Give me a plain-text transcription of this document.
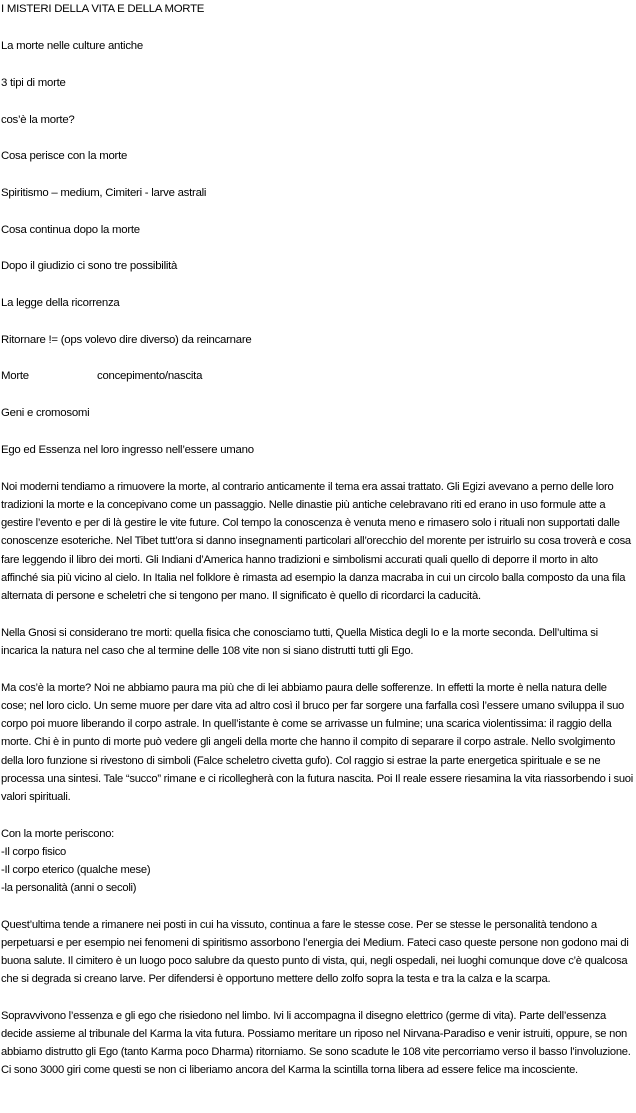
I MISTERI DELLA VITA E DELLA MORTE
La morte nelle culture antiche
3 tipi di morte
cos’è la morte?
Cosa perisce con la morte
Spiritismo – medium, Cimiteri - larve astrali
Cosa continua dopo la morte
Dopo il giudizio ci sono tre possibilità
La legge della ricorrenza
Ritornare != (ops volevo dire diverso) da reincarnare
Morte	concepimento/nascita
Geni e cromosomi
Ego ed Essenza nel loro ingresso nell’essere umano
Noi moderni tendiamo a rimuovere la morte, al contrario anticamente il tema era assai trattato. Gli Egizi avevano a perno delle loro tradizioni la morte e la concepivano come un passaggio. Nelle dinastie più antiche celebravano riti ed erano in uso formule atte a gestire l’evento e per di là gestire le vite future. Col tempo la conoscenza è venuta meno e rimasero solo i rituali non supportati dalle conoscenze esoteriche. Nel Tibet tutt’ora si danno insegnamenti particolari all’orecchio del morente per istruirlo su cosa troverà e cosa fare leggendo il libro dei morti. Gli Indiani d’America hanno tradizioni e simbolismi accurati quali quello di deporre il morto in alto affinché sia più vicino al cielo. In Italia nel folklore è rimasta ad esempio la danza macraba in cui un circolo balla composto da una fila alternata di persone e scheletri che si tengono per mano. Il significato è quello di ricordarci la caducità.
Nella Gnosi si considerano tre morti: quella fisica che conosciamo tutti, Quella Mistica degli Io e la morte seconda. Dell’ultima si incarica la natura nel caso che al termine delle 108 vite non si siano distrutti tutti gli Ego.
Ma cos’è la morte? Noi ne abbiamo paura ma più che di lei abbiamo paura delle sofferenze. In effetti la morte è nella natura delle cose; nel loro ciclo. Un seme muore per dare vita ad altro così il bruco per far sorgere una farfalla così l’essere umano sviluppa il suo corpo poi muore liberando il corpo astrale. In quell’istante è come se arrivasse un fulmine; una scarica violentissima: il raggio della morte. Chi è in punto di morte può vedere gli angeli della morte che hanno il compito di separare il corpo astrale. Nello svolgimento della loro funzione si rivestono di simboli (Falce scheletro civetta gufo). Col raggio si estrae la parte energetica spirituale e se ne processa una sintesi. Tale “succo” rimane e ci ricollegherà con la futura nascita. Poi Il reale essere riesamina la vita riassorbendo i suoi valori spirituali.
Con la morte periscono:
-Il corpo fisico
-Il corpo eterico (qualche mese)
-la personalità (anni o secoli)
Quest’ultima tende a rimanere nei posti in cui ha vissuto, continua a fare le stesse cose. Per se stesse le personalità tendono a perpetuarsi e per esempio nei fenomeni di spiritismo assorbono l’energia dei Medium. Fateci caso queste persone non godono mai di buona salute. Il cimitero è un luogo poco salubre da questo punto di vista, qui, negli ospedali, nei luoghi comunque dove c’è qualcosa che si degrada si creano larve. Per difendersi è opportuno mettere dello zolfo sopra la testa e tra la calza e la scarpa.
Sopravvivono l’essenza e gli ego che risiedono nel limbo. Ivi li accompagna il disegno elettrico (germe di vita). Parte dell’essenza decide assieme al tribunale del Karma la vita futura. Possiamo meritare un riposo nel Nirvana-Paradiso e venir istruiti, oppure, se non abbiamo distrutto gli Ego (tanto Karma poco Dharma) ritorniamo. Se sono scadute le 108 vite percorriamo verso il basso l’involuzione. Ci sono 3000 giri come questi se non ci liberiamo ancora del Karma la scintilla torna libera ad essere felice ma incosciente.
